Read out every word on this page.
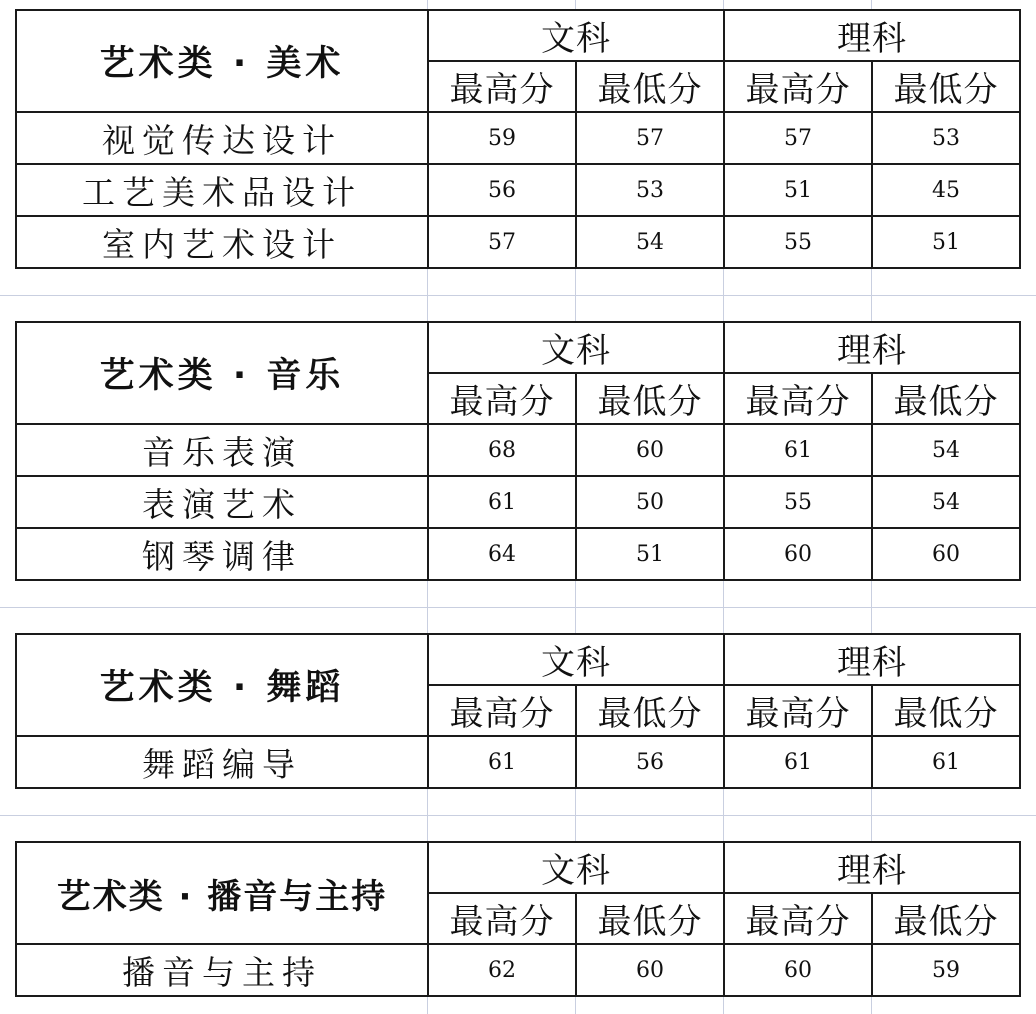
艺术类 · 美术	文科		理科	
	最高分	最低分	最高分	最低分
视觉传达设计	59	57	57	53
工艺美术品设计	56	53	51	45
室内艺术设计	57	54	55	51
艺术类 · 音乐	文科		理科	
	最高分	最低分	最高分	最低分
音乐表演	68	60	61	54
表演艺术	61	50	55	54
钢琴调律	64	51	60	60
艺术类 · 舞蹈	文科		理科	
	最高分	最低分	最高分	最低分
舞蹈编导	61	56	61	61
艺术类 · 播音与主持	文科		理科	
	最高分	最低分	最高分	最低分
播音与主持	62	60	60	59
